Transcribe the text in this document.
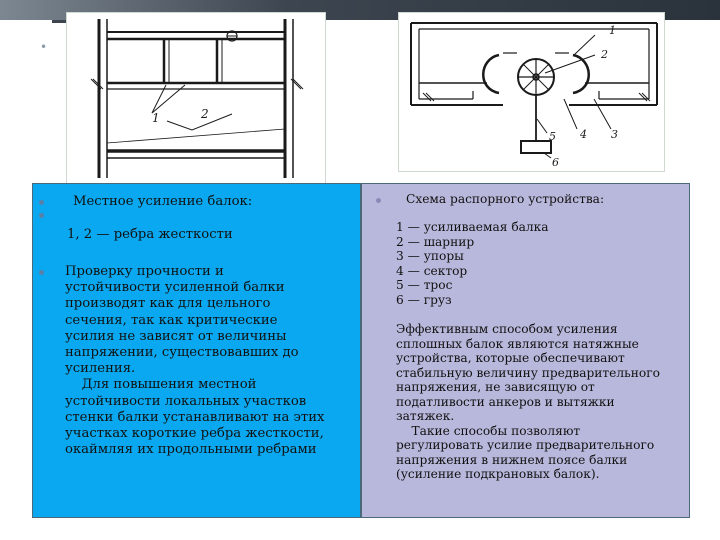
•
1	2
1
2
3
4
5
6

Местное усиление балок:

1, 2 — ребра жесткости

Проверку прочности и
устойчивости усиленной балки
производят как для цельного
сечения, так как критические
усилия не зависят от величины
напряжении, существовавших до
усиления.
Для повышения местной
устойчивости локальных участков
стенки балки устанавливают на этих
участках короткие ребра жесткости,
окаймляя их продольными ребрами

Схема распорного устройства:

1 — усиливаемая балка
2 — шарнир
3 — упоры
4 — сектор
5 — трос
6 — груз
Эффективным способом усиления
сплошных балок являются натяжные
устройства, которые обеспечивают
стабильную величину предварительного
напряжения, не зависящую от
податливости анкеров и вытяжки
затяжек.
Такие способы позволяют
регулировать усилие предварительного
напряжения в нижнем поясе балки
(усиление подкрановых балок).
